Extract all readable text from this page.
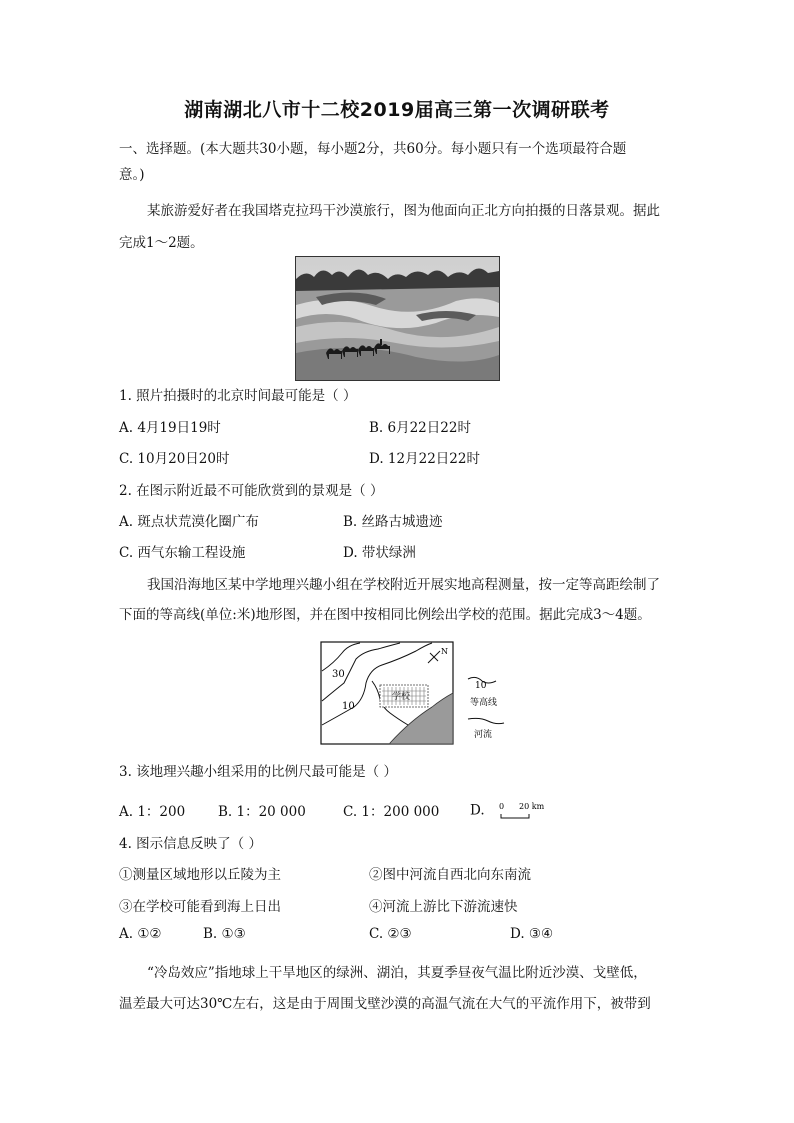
湖南湖北八市十二校2019届高三第一次调研联考
一、选择题。(本大题共30小题，每小题2分，共60分。每小题只有一个选项最符合题
意。)
某旅游爱好者在我国塔克拉玛干沙漠旅行，图为他面向正北方向拍摄的日落景观。据此
完成1～2题。
1. 照片拍摄时的北京时间最可能是（ ）
A. 4月19日19时	B. 6月22日22时
C. 10月20日20时	D. 12月22日22时
2. 在图示附近最不可能欣赏到的景观是（ ）
A. 斑点状荒漠化圈广布	B. 丝路古城遗迹
C. 西气东输工程设施	D. 带状绿洲
我国沿海地区某中学地理兴趣小组在学校附近开展实地高程测量，按一定等高距绘制了
下面的等高线(单位:米)地形图，并在图中按相同比例绘出学校的范围。据此完成3～4题。
学校
30
10
N
10
等高线
河流
3. 该地理兴趣小组采用的比例尺最可能是（ ）
A. 1：200 B. 1：20 000	C. 1：200 000 D. 0 20 km
4. 图示信息反映了（ ）
①测量区域地形以丘陵为主	②图中河流自西北向东南流
③在学校可能看到海上日出	④河流上游比下游流速快
A. ①②	B. ①③	C. ②③	D. ③④
“冷岛效应”指地球上干旱地区的绿洲、湖泊，其夏季昼夜气温比附近沙漠、戈壁低，
温差最大可达30℃左右，这是由于周围戈壁沙漠的高温气流在大气的平流作用下，被带到
